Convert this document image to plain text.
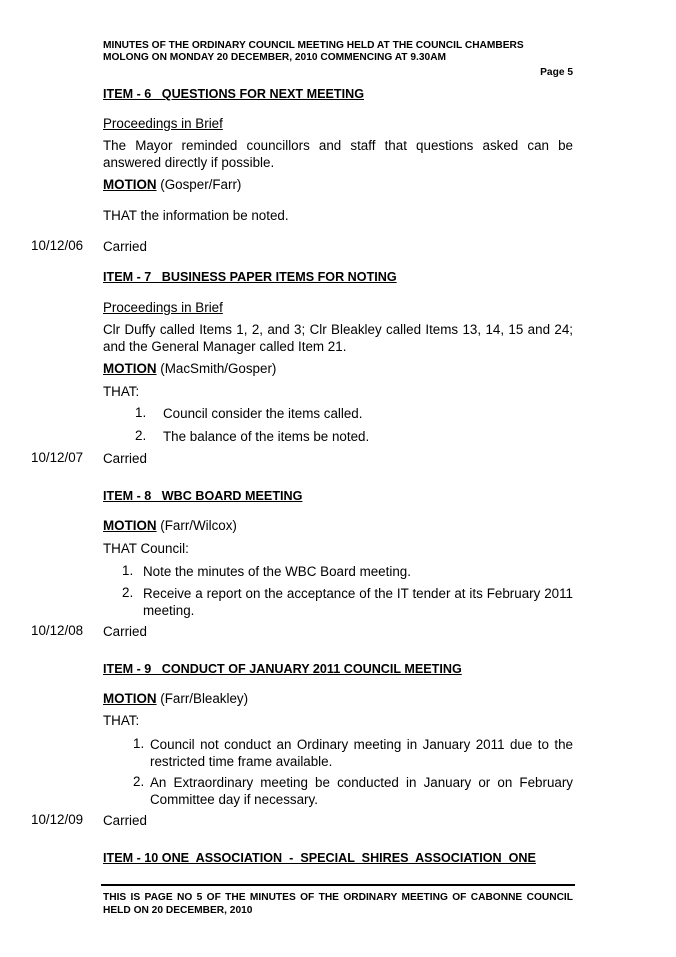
MINUTES OF THE ORDINARY COUNCIL MEETING HELD AT THE COUNCIL CHAMBERS
MOLONG ON MONDAY 20 DECEMBER, 2010 COMMENCING AT 9.30AM
Page 5
ITEM - 6   QUESTIONS FOR NEXT MEETING
Proceedings in Brief
The Mayor reminded councillors and staff that questions asked can be answered directly if possible.
MOTION (Gosper/Farr)
THAT the information be noted.
10/12/06 Carried
ITEM - 7   BUSINESS PAPER ITEMS FOR NOTING
Proceedings in Brief
Clr Duffy called Items 1, 2, and 3; Clr Bleakley called Items 13, 14, 15 and 24; and the General Manager called Item 21.
MOTION (MacSmith/Gosper)
THAT:
1. Council consider the items called.
2. The balance of the items be noted.
10/12/07 Carried
ITEM - 8   WBC BOARD MEETING
MOTION (Farr/Wilcox)
THAT Council:
1. Note the minutes of the WBC Board meeting.
2. Receive a report on the acceptance of the IT tender at its February 2011 meeting.
10/12/08 Carried
ITEM - 9   CONDUCT OF JANUARY 2011 COUNCIL MEETING
MOTION (Farr/Bleakley)
THAT:
1. Council not conduct an Ordinary meeting in January 2011 due to the restricted time frame available.
2. An Extraordinary meeting be conducted in January or on February Committee day if necessary.
10/12/09 Carried
ITEM - 10 ONE  ASSOCIATION  -  SPECIAL  SHIRES  ASSOCIATION  ONE
THIS IS PAGE NO 5 OF THE MINUTES OF THE ORDINARY MEETING OF CABONNE COUNCIL HELD ON 20 DECEMBER, 2010
